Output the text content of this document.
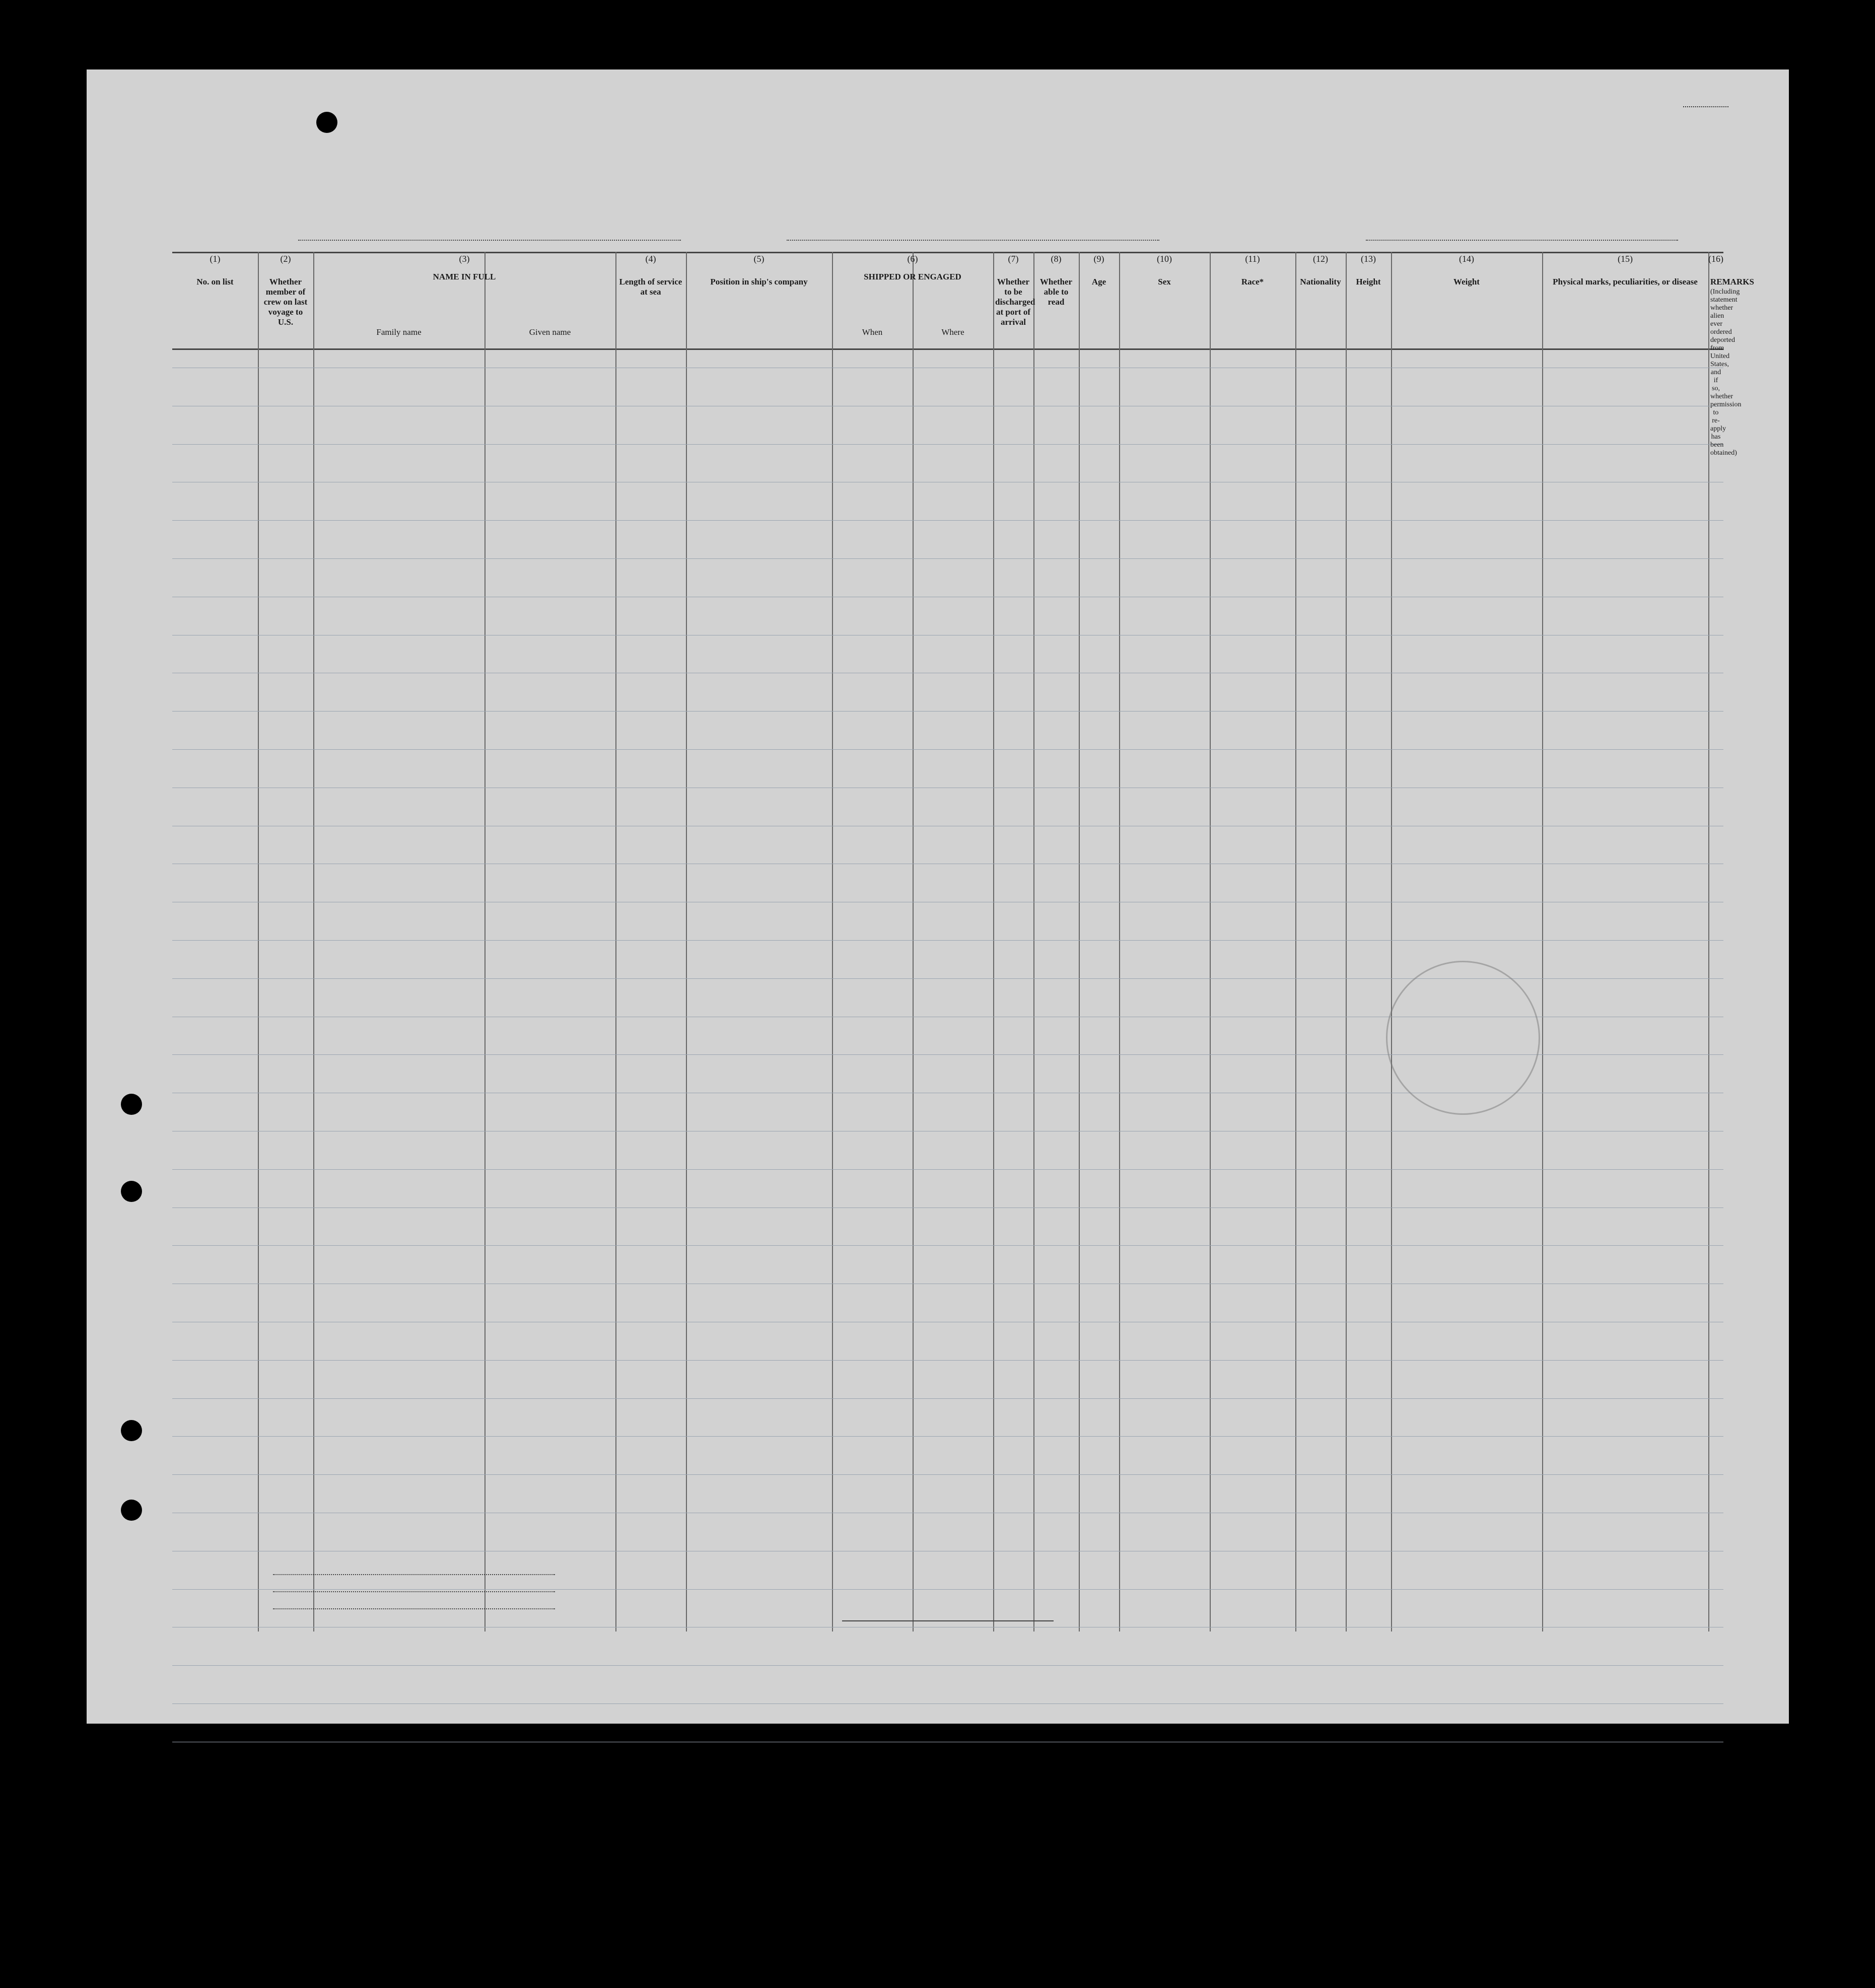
(1)
No. on list
(2)
Whether member of crew on last voyage to U.S.
(3)
NAME IN FULL
Family name	Given name
(4)
Length of service at sea
(5)
Position in ship's company
(6)
SHIPPED OR ENGAGED
When	Where
(7)
Whether to be discharged at port of arrival
(8)
Whether able to read
(9)
Age
(10)
Sex
(11)
Race*
(12)
Nationality
(13)
Height
(14)
Weight
(15)
Physical marks, peculiarities, or disease
(16)
REMARKS
(Including statement whether alien ever ordered deported from United States, and if so, whether permission to re-apply has been obtained)
